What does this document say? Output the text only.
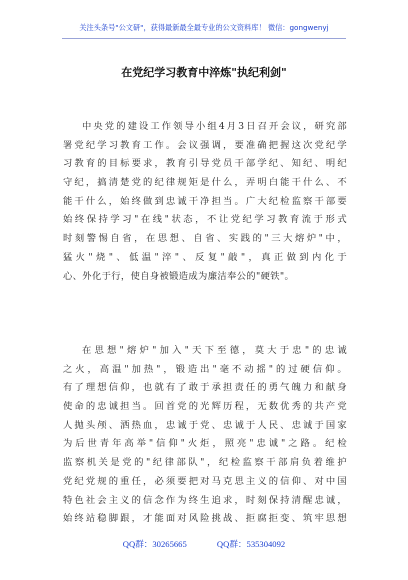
关注头条号"公文研"，获得最新最全最专业的公文资料库！ 微信：gongwenyj
在党纪学习教育中淬炼"执纪利剑"
中央党的建设工作领导小组4月3日召开会议，研究部
署党纪学习教育工作。会议强调，要准确把握这次党纪学
习教育的目标要求，教育引导党员干部学纪、知纪、明纪
守纪，搞清楚党的纪律规矩是什么，弄明白能干什么、不
能干什么，始终做到忠诚干净担当。广大纪检监察干部要
始终保持学习"在线"状态，不让党纪学习教育流于形式
时刻警惕自省，在思想、自省、实践的"三大熔炉"中，
猛火"烧"、低温"淬"、反复"敲"，真正做到内化于
心、外化于行，使自身被锻造成为廉洁奉公的"硬铁"。
在思想"熔炉"加入"天下至德，莫大于忠"的忠诚
之火，高温"加热"，锻造出"毫不动摇"的过硬信仰。
有了理想信仰，也就有了敢于承担责任的勇气魄力和献身
使命的忠诚担当。回首党的光辉历程，无数优秀的共产党
人抛头颅、洒热血，忠诚于党、忠诚于人民、忠诚于国家
为后世青年高举"信仰"火炬，照亮"忠诚"之路。纪检
监察机关是党的"纪律部队"，纪检监察干部肩负着维护
党纪党规的重任，必须要把对马克思主义的信仰、对中国
特色社会主义的信念作为终生追求，时刻保持清醒忠诚，
始终站稳脚跟，才能面对风险挑战、拒腐拒变、筑牢思想
QQ群：30265665	QQ群：535304092
